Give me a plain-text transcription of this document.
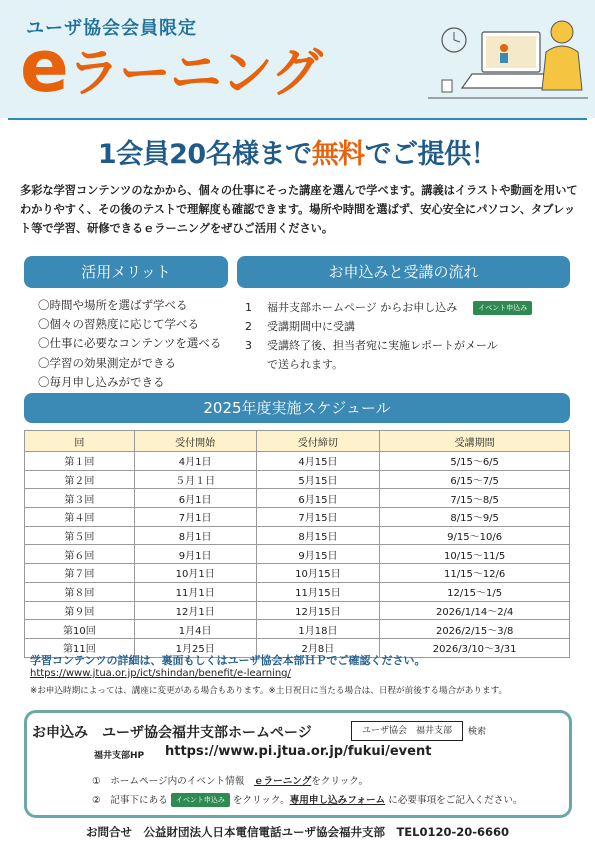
ユーザ協会会員限定
eラーニング
1会員20名様まで無料でご提供！
多彩な学習コンテンツのなかから、個々の仕事にそった講座を選んで学べます。講義はイラストや動画を用いてわかりやすく、その後のテストで理解度も確認できます。場所や時間を選ばず、安心安全にパソコン、タブレット等で学習、研修できるｅラーニングをぜひご活用ください。
活用メリット	お申込みと受講の流れ
〇時間や場所を選ばず学べる
〇個々の習熟度に応じて学べる
〇仕事に必要なコンテンツを選べる
〇学習の効果測定ができる
〇毎月申し込みができる
1	福井支部ホームページ からお申し込み	イベント申込み
2	受講期間中に受講
3	受講終了後、担当者宛に実施レポートがメール
で送られます。
2025年度実施スケジュール
回	受付開始	受付締切	受講期間
第１回	4月1日	4月15日	5/15～6/5
第２回	５月１日	5月15日	6/15～7/5
第３回	6月1日	6月15日	7/15～8/5
第４回	7月1日	7月15日	8/15～9/5
第５回	8月1日	8月15日	9/15～10/6
第６回	9月1日	9月15日	10/15～11/5
第７回	10月1日	10月15日	11/15～12/6
第８回	11月1日	11月15日	12/15～1/5
第９回	12月1日	12月15日	2026/1/14～2/4
第10回	1月4日	1月18日	2026/2/15～3/8
第11回	1月25日	2月8日	2026/3/10～3/31
学習コンテンツの詳細は、裏面もしくはユーザ協会本部ＨＰでご確認ください。
https://www.jtua.or.jp/ict/shindan/benefit/e-learning/
※お申込時期によっては、講座に変更がある場合もあります。※土日祝日に当たる場合は、日程が前後する場合があります。
お申込み　ユーザ協会福井支部ホームページ	ユーザ協会　福井支部	検索
福井支部HP https://www.pi.jtua.or.jp/fukui/event
①　ホームページ内のイベント情報　 ｅラーニングをクリック。
②　記事下にある イベント申込み をクリック。専用申し込みフォーム に必要事項をご記入ください。
お問合せ　公益財団法人日本電信電話ユーザ協会福井支部　TEL0120-20-6660
